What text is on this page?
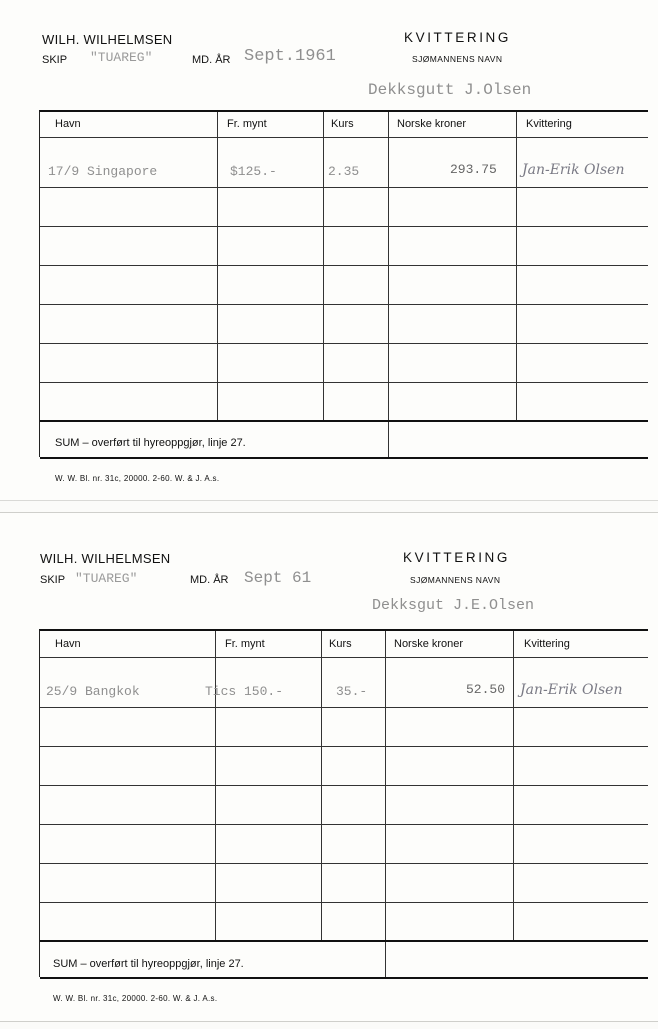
WILH. WILHELMSEN	KVITTERING
SKIP "TUAREG"	MD. ÅR Sept.1961	SJØMANNENS NAVN
Dekksgutt J.Olsen
Havn	Fr. mynt	Kurs	Norske kroner	Kvittering
17/9 Singapore	$125.-	2.35	293.75 Jan-Erik Olsen
SUM – overført til hyreoppgjør, linje 27.
W. W. Bl. nr. 31c, 20000. 2-60. W. & J. A.s.
WILH. WILHELMSEN	KVITTERING
SKIP "TUAREG"	MD. ÅR Sept 61	SJØMANNENS NAVN
Dekksgut J.E.Olsen
Havn	Fr. mynt	Kurs	Norske kroner	Kvittering
25/9 Bangkok	Tics 150.-	35.-	52.50 Jan-Erik Olsen
SUM – overført til hyreoppgjør, linje 27.
W. W. Bl. nr. 31c, 20000. 2-60. W. & J. A.s.
